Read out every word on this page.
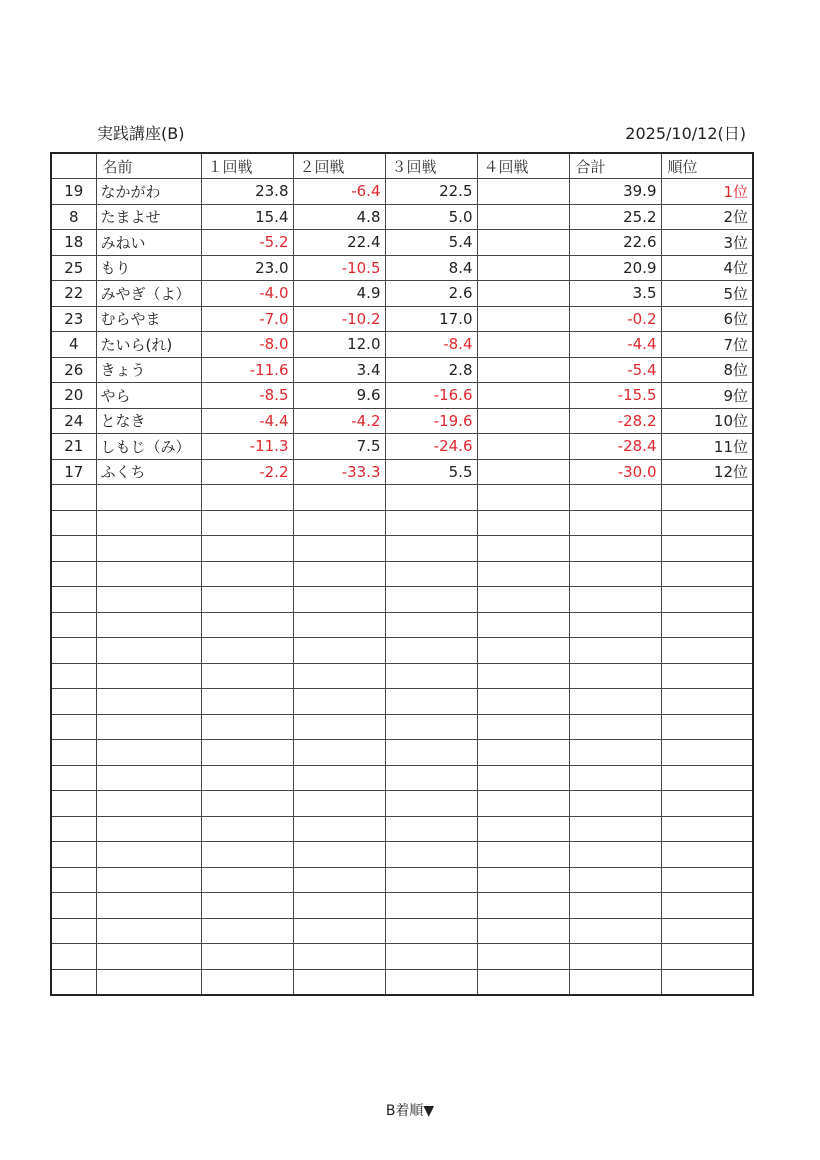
実践講座(B)	2025/10/12(日)
	名前	１回戦	２回戦	３回戦	４回戦	合計	順位
19	なかがわ	23.8	-6.4	22.5		39.9	1位
8	たまよせ	15.4	4.8	5.0		25.2	2位
18	みねい	-5.2	22.4	5.4		22.6	3位
25	もり	23.0	-10.5	8.4		20.9	4位
22	みやぎ（よ）	-4.0	4.9	2.6		3.5	5位
23	むらやま	-7.0	-10.2	17.0		-0.2	6位
4	たいら(れ)	-8.0	12.0	-8.4		-4.4	7位
26	きょう	-11.6	3.4	2.8		-5.4	8位
20	やら	-8.5	9.6	-16.6		-15.5	9位
24	となき	-4.4	-4.2	-19.6		-28.2	10位
21	しもじ（み）	-11.3	7.5	-24.6		-28.4	11位
17	ふくち	-2.2	-33.3	5.5		-30.0	12位

B着順▼
